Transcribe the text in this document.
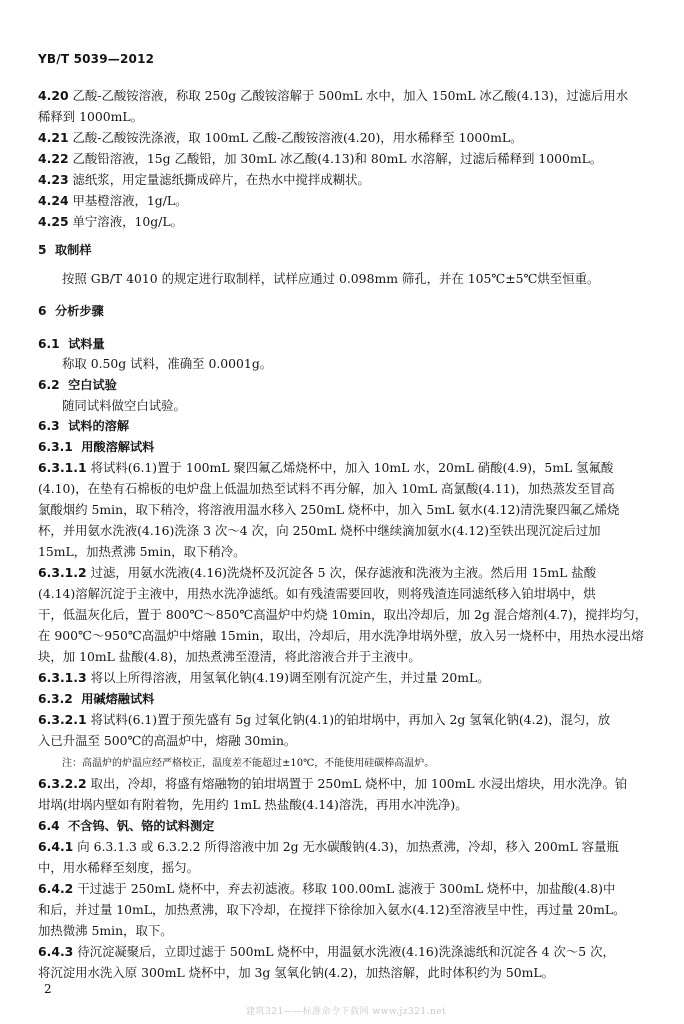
YB/T 5039—2012
4.20 乙酸-乙酸铵溶液，称取 250g 乙酸铵溶解于 500mL 水中，加入 150mL 冰乙酸(4.13)，过滤后用水
稀释到 1000mL。
4.21 乙酸-乙酸铵洗涤液，取 100mL 乙酸-乙酸铵溶液(4.20)，用水稀释至 1000mL。
4.22 乙酸铅溶液，15g 乙酸铅，加 30mL 冰乙酸(4.13)和 80mL 水溶解，过滤后稀释到 1000mL。
4.23 滤纸浆，用定量滤纸撕成碎片，在热水中搅拌成糊状。
4.24 甲基橙溶液，1g/L。
4.25 单宁溶液，10g/L。
5 取制样
按照 GB/T 4010 的规定进行取制样，试样应通过 0.098mm 筛孔，并在 105℃±5℃烘至恒重。
6 分析步骤
6.1 试料量
称取 0.50g 试料，准确至 0.0001g。
6.2 空白试验
随同试料做空白试验。
6.3 试料的溶解
6.3.1 用酸溶解试料
6.3.1.1 将试料(6.1)置于 100mL 聚四氟乙烯烧杯中，加入 10mL 水，20mL 硝酸(4.9)，5mL 氢氟酸
(4.10)，在垫有石棉板的电炉盘上低温加热至试料不再分解，加入 10mL 高氯酸(4.11)，加热蒸发至冒高
氯酸烟约 5min，取下稍冷，将溶液用温水移入 250mL 烧杯中，加入 5mL 氨水(4.12)清洗聚四氟乙烯烧
杯，并用氨水洗液(4.16)洗涤 3 次～4 次，向 250mL 烧杯中继续滴加氨水(4.12)至铁出现沉淀后过加
15mL，加热煮沸 5min，取下稍冷。
6.3.1.2 过滤，用氨水洗液(4.16)洗烧杯及沉淀各 5 次，保存滤液和洗液为主液。然后用 15mL 盐酸
(4.14)溶解沉淀于主液中，用热水洗净滤纸。如有残渣需要回收，则将残渣连同滤纸移入铂坩埚中，烘
干，低温灰化后，置于 800℃～850℃高温炉中灼烧 10min，取出冷却后，加 2g 混合熔剂(4.7)，搅拌均匀，
在 900℃～950℃高温炉中熔融 15min，取出，冷却后，用水洗净坩埚外壁，放入另一烧杯中，用热水浸出熔
块，加 10mL 盐酸(4.8)，加热煮沸至澄清，将此溶液合并于主液中。
6.3.1.3 将以上所得溶液，用氢氧化钠(4.19)调至刚有沉淀产生，并过量 20mL。
6.3.2 用碱熔融试料
6.3.2.1 将试料(6.1)置于预先盛有 5g 过氧化钠(4.1)的铂坩埚中，再加入 2g 氢氧化钠(4.2)，混匀，放
入已升温至 500℃的高温炉中，熔融 30min。
注：高温炉的炉温应经严格校正，温度差不能超过±10℃，不能使用硅碳棒高温炉。
6.3.2.2 取出，冷却，将盛有熔融物的铂坩埚置于 250mL 烧杯中，加 100mL 水浸出熔块，用水洗净。铂
坩埚(坩埚内壁如有附着物，先用约 1mL 热盐酸(4.14)溶洗，再用水冲洗净)。
6.4 不含钨、钒、铬的试料测定
6.4.1 向 6.3.1.3 或 6.3.2.2 所得溶液中加 2g 无水碳酸钠(4.3)，加热煮沸，冷却，移入 200mL 容量瓶
中，用水稀释至刻度，摇匀。
6.4.2 干过滤于 250mL 烧杯中，弃去初滤液。移取 100.00mL 滤液于 300mL 烧杯中，加盐酸(4.8)中
和后，并过量 10mL，加热煮沸，取下冷却，在搅拌下徐徐加入氨水(4.12)至溶液呈中性，再过量 20mL。
加热微沸 5min，取下。
6.4.3 待沉淀凝聚后，立即过滤于 500mL 烧杯中，用温氨水洗液(4.16)洗涤滤纸和沉淀各 4 次～5 次，
将沉淀用水洗入原 300mL 烧杯中，加 3g 氢氧化钠(4.2)，加热溶解，此时体积约为 50mL。
2
建筑321——标准命令下载网 www.jz321.net
